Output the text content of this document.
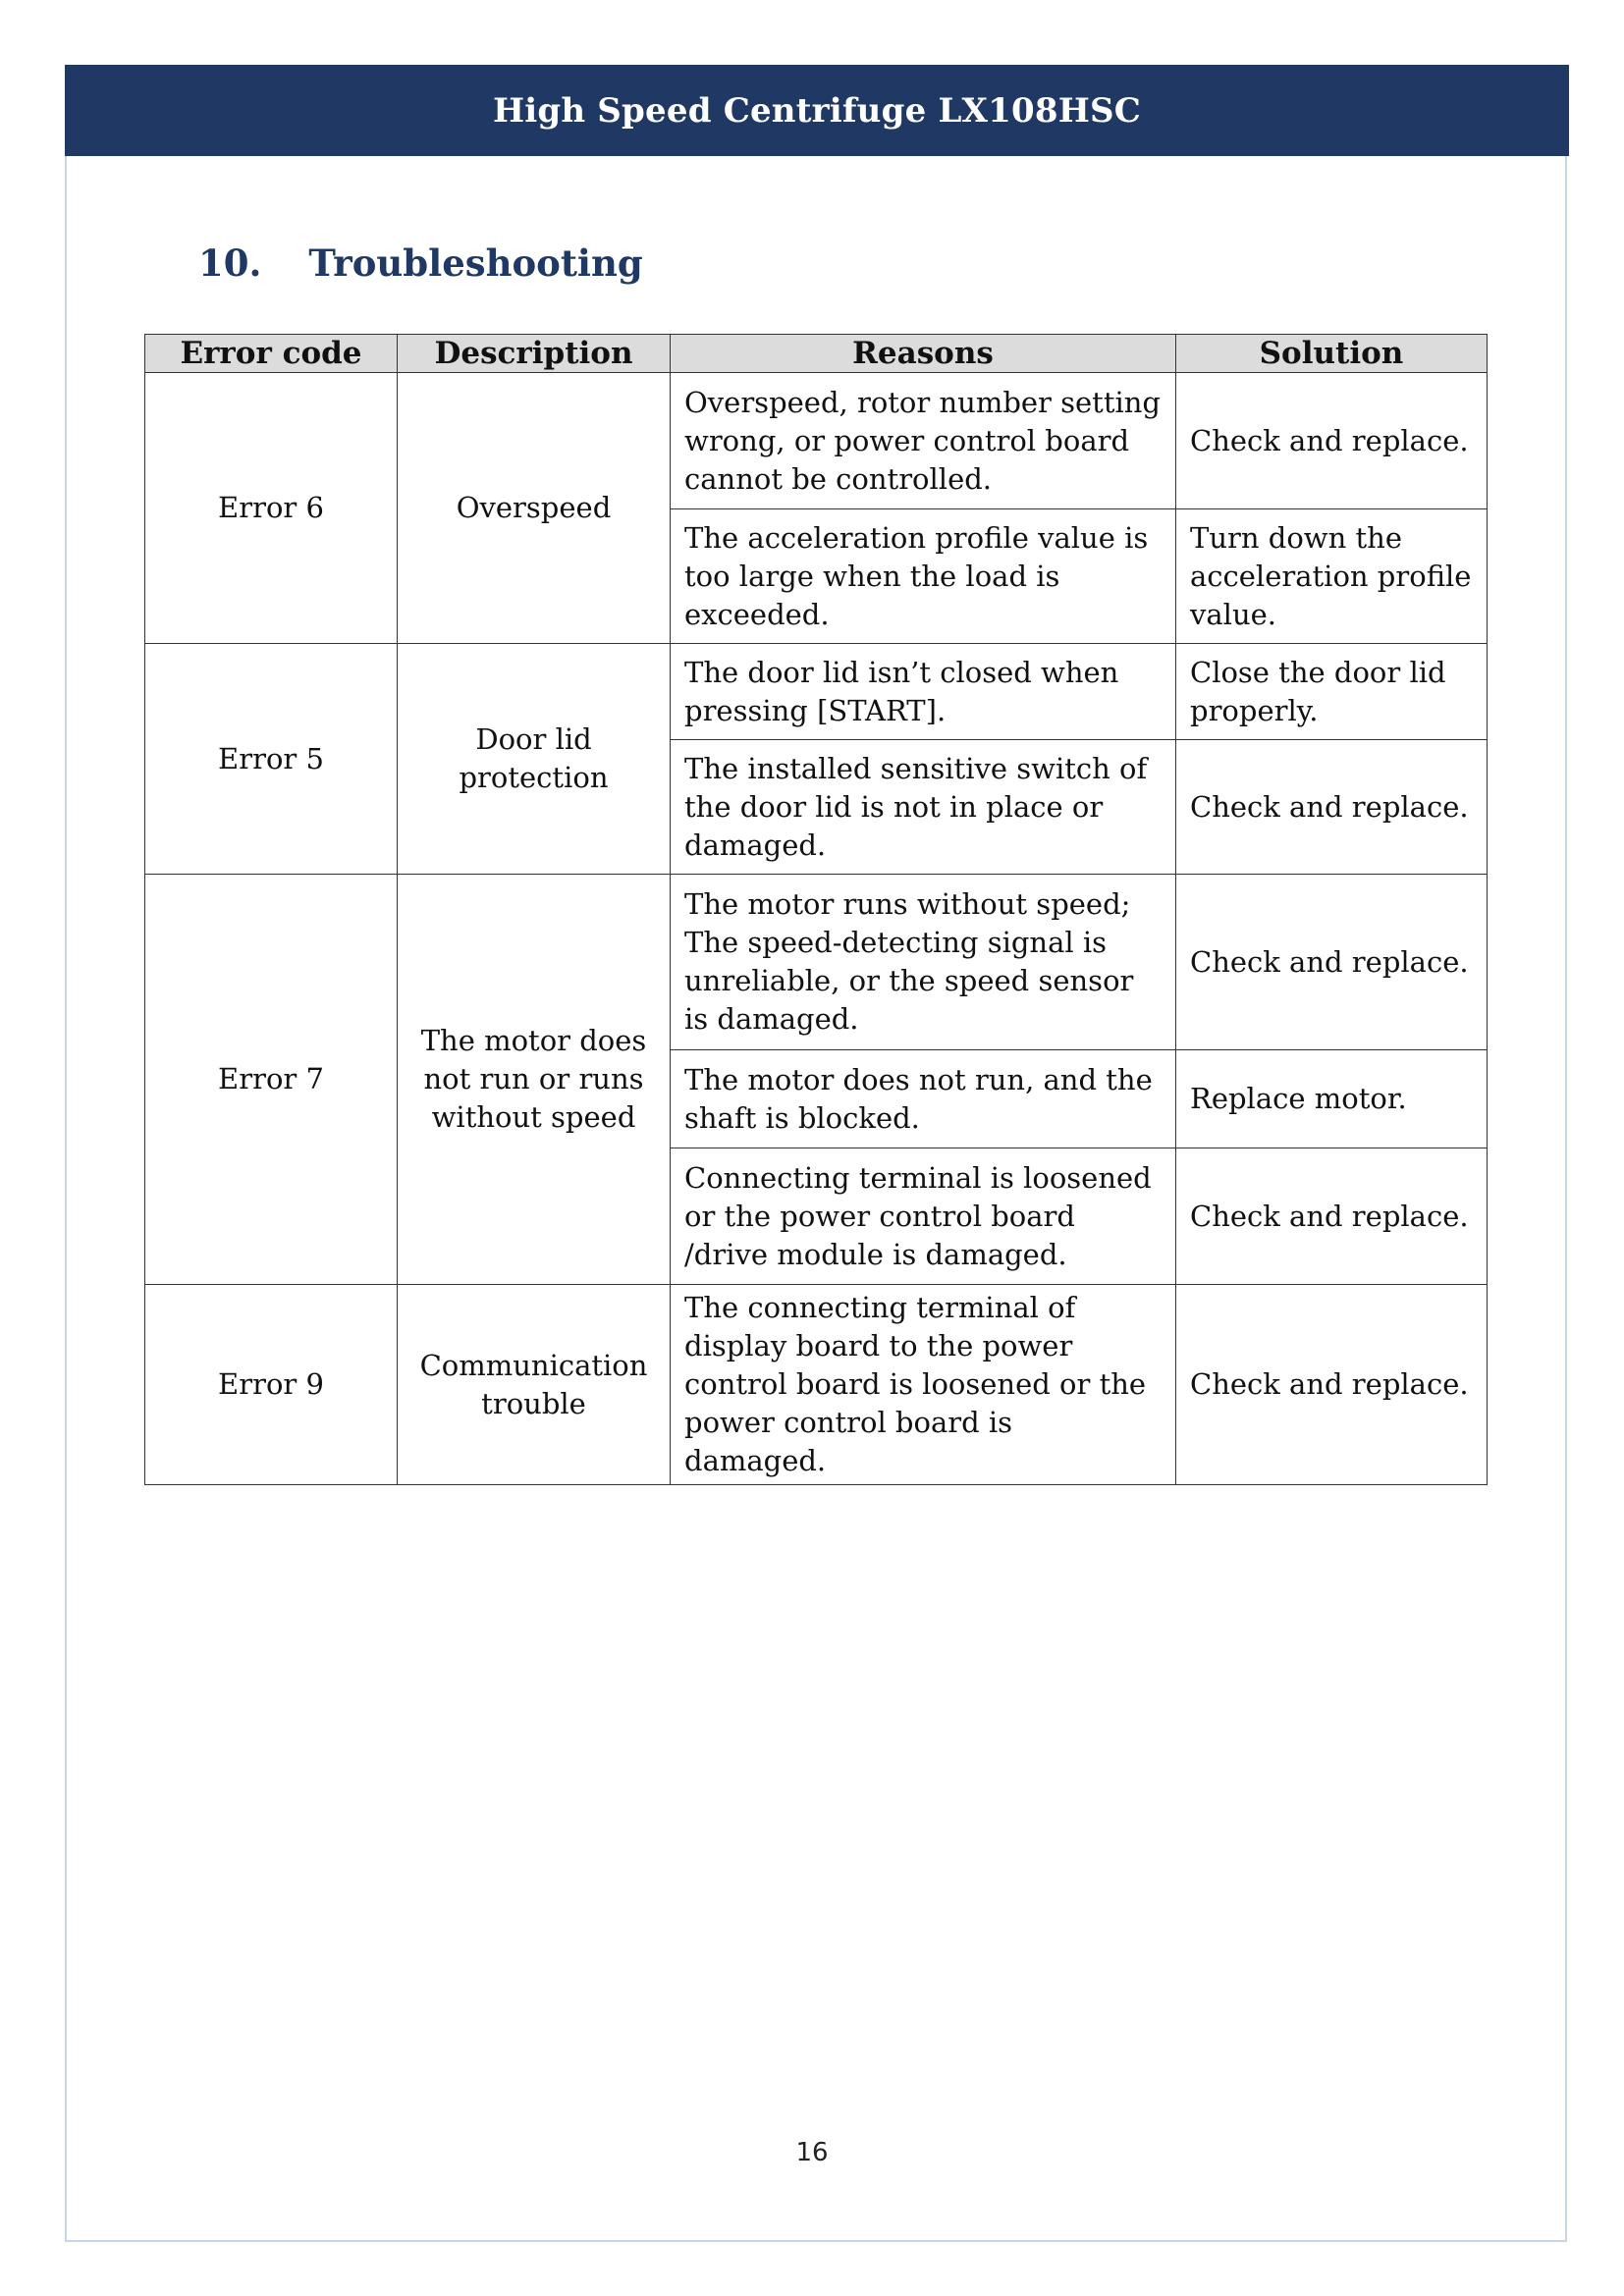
High Speed Centrifuge LX108HSC
10. Troubleshooting
Error code	Description	Reasons	Solution
Error 6	Overspeed	Overspeed, rotor number setting wrong, or power control board cannot be controlled.	Check and replace.
		The acceleration profile value is too large when the load is exceeded.	Turn down the acceleration profile value.
Error 5	Door lid protection	The door lid isn’t closed when pressing [START].	Close the door lid properly.
		The installed sensitive switch of the door lid is not in place or damaged.	Check and replace.
Error 7	The motor does not run or runs without speed	The motor runs without speed; The speed-detecting signal is unreliable, or the speed sensor is damaged.	Check and replace.
		The motor does not run, and the shaft is blocked.	Replace motor.
		Connecting terminal is loosened or the power control board /drive module is damaged.	Check and replace.
Error 9	Communication trouble	The connecting terminal of display board to the power control board is loosened or the power control board is damaged.	Check and replace.
16
